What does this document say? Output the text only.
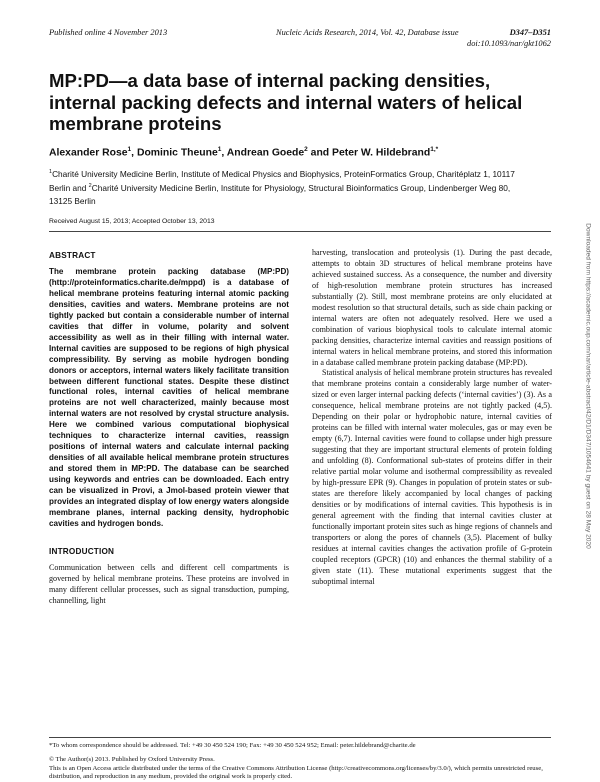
Published online 4 November 2013	Nucleic Acids Research, 2014, Vol. 42, Database issue	D347–D351
doi:10.1093/nar/gkt1062
MP:PD—a data base of internal packing densities, internal packing defects and internal waters of helical membrane proteins
Alexander Rose$^1$, Dominic Theune$^1$, Andrean Goede$^2$ and Peter W. Hildebrand$^{1,*}$
$^1$Charité University Medicine Berlin, Institute of Medical Physics and Biophysics, ProteinFormatics Group, Charitéplatz 1, 10117 Berlin and $^2$Charité University Medicine Berlin, Institute for Physiology, Structural Bioinformatics Group, Lindenberger Weg 80, 13125 Berlin
Received August 15, 2013; Accepted October 13, 2013
ABSTRACT

The membrane protein packing database (MP:PD) (http://proteinformatics.charite.de/mppd) is a database of helical membrane proteins featuring internal atomic packing densities, cavities and waters. Membrane proteins are not tightly packed but contain a considerable number of internal cavities that differ in volume, polarity and solvent accessibility as well as in their filling with internal water. Internal cavities are supposed to be regions of high physical compressibility. By serving as mobile hydrogen bonding donors or acceptors, internal waters likely facilitate transition between different functional states. Despite these distinct functional roles, internal cavities of helical membrane proteins are not well characterized, mainly because most internal waters are not resolved by crystal structure analysis. Here we combined various computational biophysical techniques to characterize internal cavities, reassign positions of internal waters and calculate internal packing densities of all available helical membrane protein structures and stored them in MP:PD. The database can be searched using keywords and entries can be downloaded. Each entry can be visualized in Provi, a Jmol-based protein viewer that provides an integrated display of low energy waters alongside membrane planes, internal packing density, hydrophobic cavities and hydrogen bonds.

INTRODUCTION

Communication between cells and different cell compartments is governed by helical membrane proteins. These proteins are involved in many different cellular processes, such as signal transduction, pumping, channelling, light

harvesting, translocation and proteolysis (1). During the past decade, attempts to obtain 3D structures of helical membrane proteins have achieved sustained success. As a consequence, the number and diversity of high-resolution membrane protein structures has increased substantially (2). Still, most membrane proteins are only elucidated at modest resolution so that structural details, such as side chain packing or internal waters are often not adequately resolved. Here we used a combination of various biophysical tools to calculate internal atomic packing densities, characterize internal cavities and reassign positions of internal waters in helical membrane proteins, and stored this information in a database called membrane protein packing database (MP:PD).

Statistical analysis of helical membrane protein structures has revealed that membrane proteins contain a considerably large number of water-sized or even larger internal packing defects (‘internal cavities’) (3). As a consequence, helical membrane proteins are not tightly packed (4,5). Depending on their polar or hydrophobic nature, internal cavities of proteins can be filled with internal water molecules, gas or may even be empty (6,7). Internal cavities were found to collapse under high pressure suggesting that they are important structural elements of protein folding and unfolding (8). Conformational sub-states of proteins differ in their relative partial molar volume and isothermal compressibility as revealed by high-pressure EPR (9). Changes in population of protein states or sub-states are therefore likely accompanied by local changes of packing densities or by modifications of internal cavities. This hypothesis is in general agreement with the finding that internal cavities cluster at functionally important protein sites such as hinge regions of channels and transporters or along the pores of channels (3,5). Placement of bulky residues at internal cavities changes the activation profile of G-protein coupled receptors (GPCR) (10) and enhances the thermal stability of a given state (11). These mutational experiments suggest that the suboptimal internal

*To whom correspondence should be addressed. Tel: +49 30 450 524 190; Fax: +49 30 450 524 952; Email: peter.hildebrand@charite.de

© The Author(s) 2013. Published by Oxford University Press.

This is an Open Access article distributed under the terms of the Creative Commons Attribution License (http://creativecommons.org/licenses/by/3.0/), which permits unrestricted reuse, distribution, and reproduction in any medium, provided the original work is properly cited.

Downloaded from https://academic.oup.com/nar/article-abstract/42/D1/D347/1054641 by guest on 28 May 2020
